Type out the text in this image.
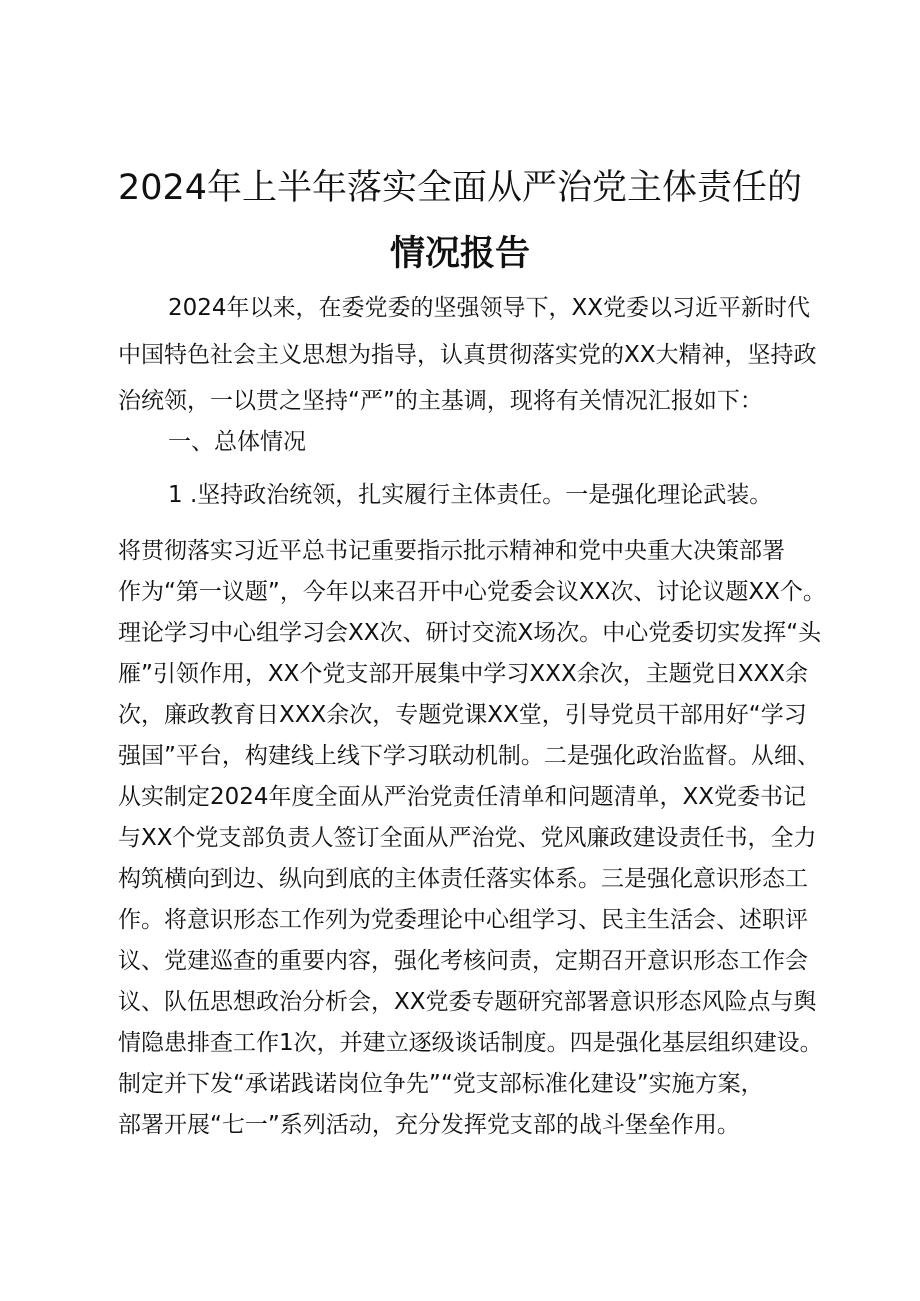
2024年上半年落实全面从严治党主体责任的
情况报告

2024年以来，在委党委的坚强领导下，XX党委以习近平新时代

中国特色社会主义思想为指导，认真贯彻落实党的XX大精神，坚持政

治统领，一以贯之坚持“严”的主基调，现将有关情况汇报如下：

一、总体情况

1 .坚持政治统领，扎实履行主体责任。一是强化理论武装。

将贯彻落实习近平总书记重要指示批示精神和党中央重大决策部署

作为“第一议题”，今年以来召开中心党委会议XX次、讨论议题XX个。

理论学习中心组学习会XX次、研讨交流X场次。中心党委切实发挥“头

雁”引领作用，XX个党支部开展集中学习XXX余次，主题党日XXX余

次，廉政教育日XXX余次，专题党课XX堂，引导党员干部用好“学习

强国”平台，构建线上线下学习联动机制。二是强化政治监督。从细、

从实制定2024年度全面从严治党责任清单和问题清单，XX党委书记

与XX个党支部负责人签订全面从严治党、党风廉政建设责任书，全力

构筑横向到边、纵向到底的主体责任落实体系。三是强化意识形态工

作。将意识形态工作列为党委理论中心组学习、民主生活会、述职评

议、党建巡查的重要内容，强化考核问责，定期召开意识形态工作会

议、队伍思想政治分析会，XX党委专题研究部署意识形态风险点与舆

情隐患排查工作1次，并建立逐级谈话制度。四是强化基层组织建设。

制定并下发“承诺践诺岗位争先”“党支部标准化建设”实施方案，

部署开展“七一”系列活动，充分发挥党支部的战斗堡垒作用。
